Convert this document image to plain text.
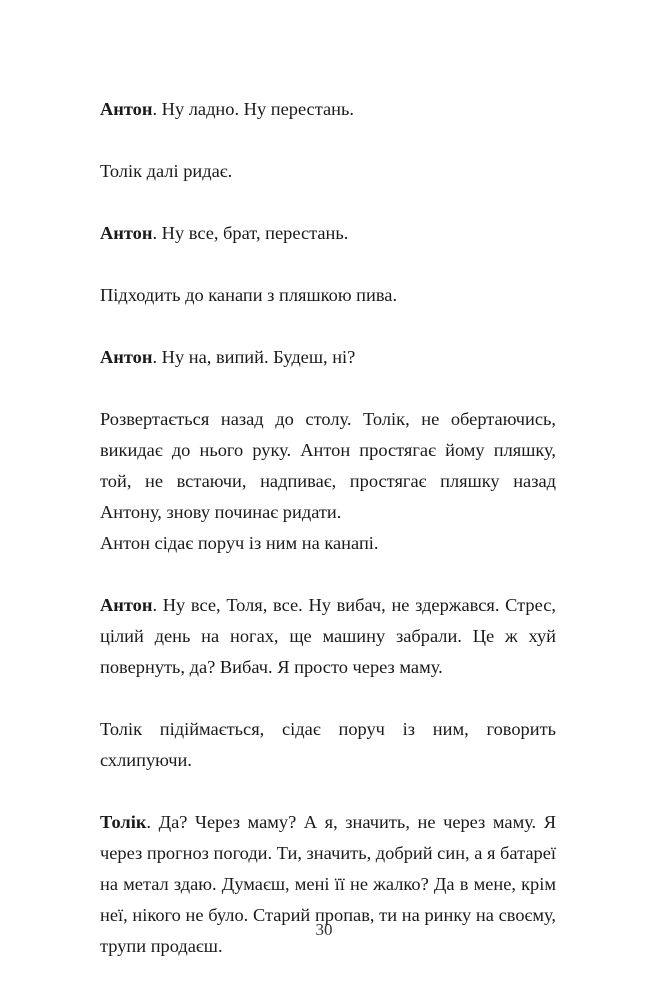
Антон. Ну ладно. Ну перестань.

Толік далі ридає.

Антон. Ну все, брат, перестань.

Підходить до канапи з пляшкою пива.

Антон. Ну на, випий. Будеш, ні?

Розвертається назад до столу. Толік, не обертаючись, викидає до нього руку. Антон простягає йому пляшку, той, не встаючи, надпиває, простягає пляшку назад Антону, знову починає ридати.

Антон сідає поруч із ним на канапі.

Антон. Ну все, Толя, все. Ну вибач, не здержався. Стрес, цілий день на ногах, ще машину забрали. Це ж хуй повернуть, да? Вибач. Я просто через маму.

Толік підіймається, сідає поруч із ним, говорить схлипуючи.

Толік. Да? Через маму? А я, значить, не через маму. Я через прогноз погоди. Ти, значить, добрий син, а я батареї на метал здаю. Думаєш, мені її не жалко? Да в мене, крім неї, нікого не було. Старий пропав, ти на ринку на своєму, трупи продаєш.

30
